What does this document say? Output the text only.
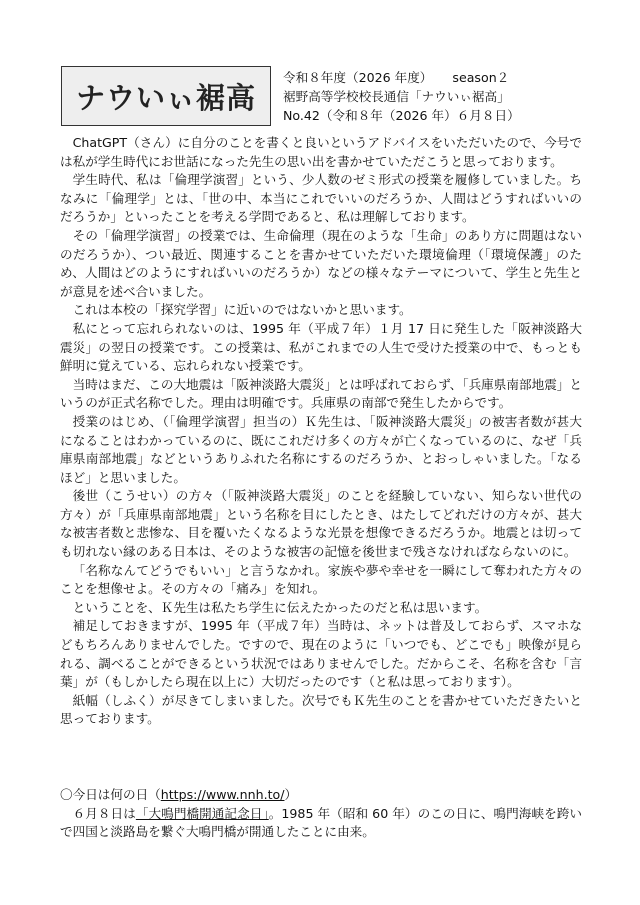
ナウいぃ裾高
令和８年度（2026 年度） season２
裾野高等学校校長通信「ナウいぃ裾高」
No.42（令和８年（2026 年）６月８日）

ChatGPT（さん）に自分のことを書くと良いというアドバイスをいただいたので、今号では私が学生時代にお世話になった先生の思い出を書かせていただこうと思っております。

学生時代、私は「倫理学演習」という、少人数のゼミ形式の授業を履修していました。ちなみに「倫理学」とは、「世の中、本当にこれでいいのだろうか、人間はどうすればいいのだろうか」といったことを考える学問であると、私は理解しております。

その「倫理学演習」の授業では、生命倫理（現在のような「生命」のあり方に問題はないのだろうか）、つい最近、関連することを書かせていただいた環境倫理（「環境保護」のため、人間はどのようにすればいいのだろうか）などの様々なテーマについて、学生と先生とが意見を述べ合いました。

これは本校の「探究学習」に近いのではないかと思います。

私にとって忘れられないのは、1995 年（平成７年）１月 17 日に発生した「阪神淡路大震災」の翌日の授業です。この授業は、私がこれまでの人生で受けた授業の中で、もっとも鮮明に覚えている、忘れられない授業です。

当時はまだ、この大地震は「阪神淡路大震災」とは呼ばれておらず、「兵庫県南部地震」というのが正式名称でした。理由は明確です。兵庫県の南部で発生したからです。

授業のはじめ、（「倫理学演習」担当の）Ｋ先生は、「阪神淡路大震災」の被害者数が甚大になることはわかっているのに、既にこれだけ多くの方々が亡くなっているのに、なぜ「兵庫県南部地震」などというありふれた名称にするのだろうか、とおっしゃいました。「なるほど」と思いました。

後世（こうせい）の方々（「阪神淡路大震災」のことを経験していない、知らない世代の方々）が「兵庫県南部地震」という名称を目にしたとき、はたしてどれだけの方々が、甚大な被害者数と悲惨な、目を覆いたくなるような光景を想像できるだろうか。地震とは切っても切れない縁のある日本は、そのような被害の記憶を後世まで残さなければならないのに。

「名称なんてどうでもいい」と言うなかれ。家族や夢や幸せを一瞬にして奪われた方々のことを想像せよ。その方々の「痛み」を知れ。

ということを、Ｋ先生は私たち学生に伝えたかったのだと私は思います。

補足しておきますが、1995 年（平成７年）当時は、ネットは普及しておらず、スマホなどもちろんありませんでした。ですので、現在のように「いつでも、どこでも」映像が見られる、調べることができるという状況ではありませんでした。だからこそ、名称を含む「言葉」が（もしかしたら現在以上に）大切だったのです（と私は思っております）。

紙幅（しふく）が尽きてしまいました。次号でもＫ先生のことを書かせていただきたいと思っております。

〇今日は何の日（https://www.nnh.to/）

６月８日は「大鳴門橋開通記念日」。1985 年（昭和 60 年）のこの日に、鳴門海峡を跨いで四国と淡路島を繋ぐ大鳴門橋が開通したことに由来。
